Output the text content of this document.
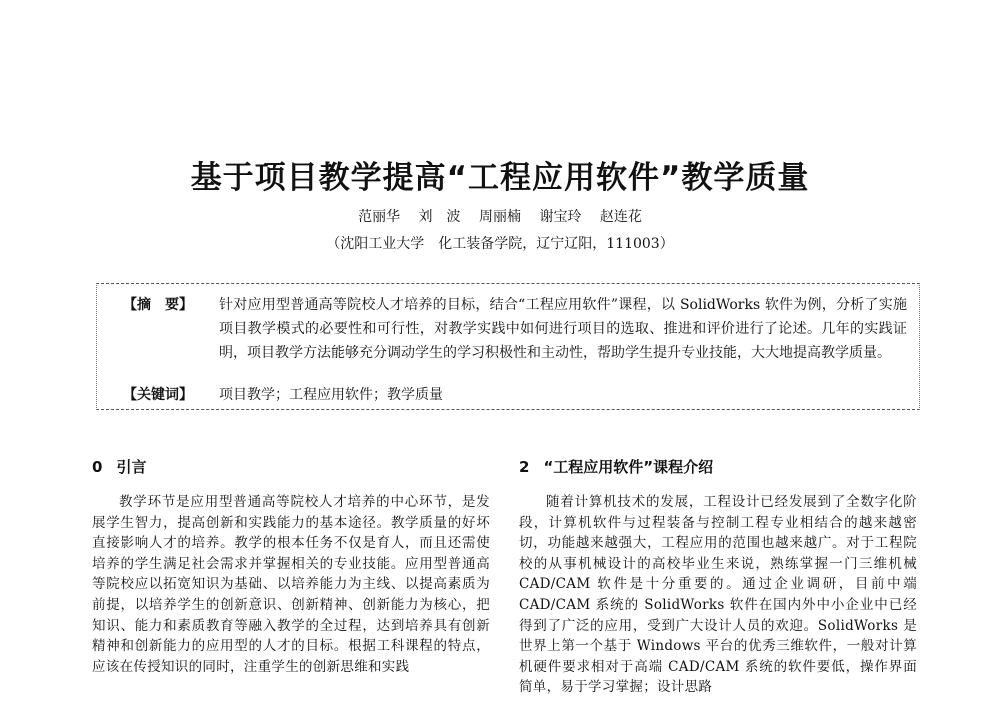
基于项目教学提高“工程应用软件”教学质量
范丽华 刘　波 周丽楠 谢宝玲 赵连花
（沈阳工业大学　化工装备学院，辽宁辽阳，111003）
【摘　要】 针对应用型普通高等院校人才培养的目标，结合“工程应用软件”课程，以 SolidWorks 软件为例，分析了实施项目教学模式的必要性和可行性，对教学实践中如何进行项目的选取、推进和评价进行了论述。几年的实践证明，项目教学方法能够充分调动学生的学习积极性和主动性，帮助学生提升专业技能，大大地提高教学质量。
【关键词】 项目教学；工程应用软件；教学质量
0 引言

教学环节是应用型普通高等院校人才培养的中心环节，是发展学生智力，提高创新和实践能力的基本途径。教学质量的好坏直接影响人才的培养。教学的根本任务不仅是育人，而且还需使培养的学生满足社会需求并掌握相关的专业技能。应用型普通高等院校应以拓宽知识为基础、以培养能力为主线、以提高素质为前提，以培养学生的创新意识、创新精神、创新能力为核心，把知识、能力和素质教育等融入教学的全过程，达到培养具有创新精神和创新能力的应用型的人才的目标。根据工科课程的特点，应该在传授知识的同时，注重学生的创新思维和实践

2 “工程应用软件”课程介绍

随着计算机技术的发展，工程设计已经发展到了全数字化阶段，计算机软件与过程装备与控制工程专业相结合的越来越密切，功能越来越强大，工程应用的范围也越来越广。对于工程院校的从事机械设计的高校毕业生来说，熟练掌握一门三维机械 CAD/CAM 软件是十分重要的。通过企业调研，目前中端 CAD/CAM 系统的 SolidWorks 软件在国内外中小企业中已经得到了广泛的应用，受到广大设计人员的欢迎。SolidWorks 是世界上第一个基于 Windows 平台的优秀三维软件，一般对计算机硬件要求相对于高端 CAD/CAM 系统的软件要低，操作界面简单，易于学习掌握；设计思路
